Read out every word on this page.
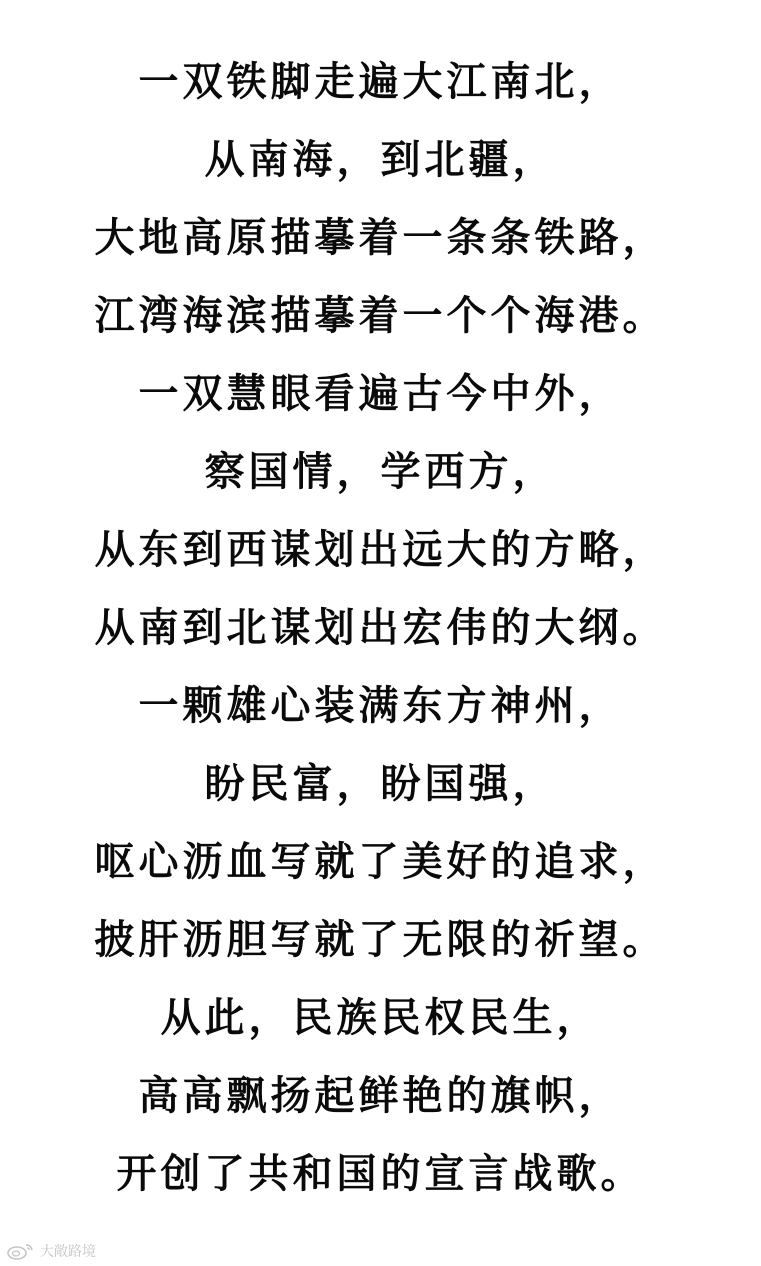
一双铁脚走遍大江南北，
从南海，到北疆，
大地高原描摹着一条条铁路，
江湾海滨描摹着一个个海港。
一双慧眼看遍古今中外，
察国情，学西方，
从东到西谋划出远大的方略，
从南到北谋划出宏伟的大纲。
一颗雄心装满东方神州，
盼民富，盼国强，
呕心沥血写就了美好的追求，
披肝沥胆写就了无限的祈望。
从此，民族民权民生，
高高飘扬起鲜艳的旗帜，
开创了共和国的宣言战歌。
大敞路境
